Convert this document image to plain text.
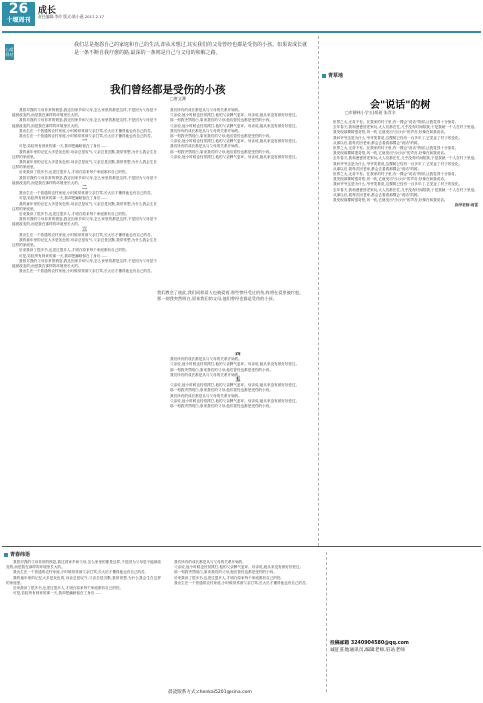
26
十堰周刊
成长
责任编辑:李玲 版式:陈小燕 2017.2.17
心晴驿站
我们总是抱怨自己的家庭和自己的生活,却从未想过,其实我们的父母曾经也都是受伤的小孩。如果说成长就是一条不断自我疗愈的路,最深的一条则是自己与父母的和解之路。
我们曾经都是受伤的小孩
□唐文渊

我曾对我的父母非常的愤怒,我还因家乡和父母,怎么家里的都是这样,不是因为父母是不能被改变的,而是我在那样的环境里长大的。

我曾对我的父母非常的愤怒,我还因家乡和父母,怎么家里的都是这样,不是因为父母是不能被改变的,而是我在那样的环境里长大的。

我出生在一个普通的农村家庭,小时候常常被父亲打骂,长大后才懂得他也有自己的苦。

我出生在一个普通的农村家庭,小时候常常被父亲打骂,长大后才懂得他也有自己的苦。

一

可是,彩虹终有到来的那一天,我却把幽暗留在了身后……

我的童年里的记忆大多是灰色的,母亲总是叹气,父亲总是沉默,我常常想,为什么我会生在这样的家庭里。

我的童年里的记忆大多是灰色的,母亲总是叹气,父亲总是沉默,我常常想,为什么我会生在这样的家庭里。

后来我读了很多书,也见过很多人,才明白原来每个家庭都有自己的伤。

我曾对我的父母非常的愤怒,我还因家乡和父母,怎么家里的都是这样,不是因为父母是不能被改变的,而是我在那样的环境里长大的。

二

我出生在一个普通的农村家庭,小时候常常被父亲打骂,长大后才懂得他也有自己的苦。

可是,彩虹终有到来的那一天,我却把幽暗留在了身后……

我的童年里的记忆大多是灰色的,母亲总是叹气,父亲总是沉默,我常常想,为什么我会生在这样的家庭里。

后来我读了很多书,也见过很多人,才明白原来每个家庭都有自己的伤。

我曾对我的父母非常的愤怒,我还因家乡和父母,怎么家里的都是这样,不是因为父母是不能被改变的,而是我在那样的环境里长大的。

三

我出生在一个普通的农村家庭,小时候常常被父亲打骂,长大后才懂得他也有自己的苦。

我的童年里的记忆大多是灰色的,母亲总是叹气,父亲总是沉默,我常常想,为什么我会生在这样的家庭里。

后来我读了很多书,也见过很多人,才明白原来每个家庭都有自己的伤。

可是,彩虹终有到来的那一天,我却把幽暗留在了身后……

我曾对我的父母非常的愤怒,我还因家乡和父母,怎么家里的都是这样,不是因为父母是不能被改变的,而是我在那样的环境里长大的。

我出生在一个普通的农村家庭,小时候常常被父亲打骂,长大后才懂得他也有自己的苦。

我们所有的成长都是从与父母的关系开始的。

父亲说,他小时候也经常挨打,他的父亲脾气更坏。母亲说,她从来没有被好好爱过。

那一刻我突然明白,原来我们的父母,他们曾经也都是受伤的小孩。

父亲说,他小时候也经常挨打,他的父亲脾气更坏。母亲说,她从来没有被好好爱过。

我们所有的成长都是从与父母的关系开始的。

那一刻我突然明白,原来我们的父母,他们曾经也都是受伤的小孩。

父亲说,他小时候也经常挨打,他的父亲脾气更坏。母亲说,她从来没有被好好爱过。

我们所有的成长都是从与父母的关系开始的。

那一刻我突然明白,原来我们的父母,他们曾经也都是受伤的小孩。

父亲说,他小时候也经常挨打,他的父亲脾气更坏。母亲说,她从来没有被好好爱过。

我们教会了彼此,我们同样爱人也被爱着,那些曾经受过的伤,终将在爱里被疗愈。

那一刻我突然明白,原来我们的父母,他们曾经也都是受伤的小孩。

四

我们所有的成长都是从与父母的关系开始的。

父亲说,他小时候也经常挨打,他的父亲脾气更坏。母亲说,她从来没有被好好爱过。

那一刻我突然明白,原来我们的父母,他们曾经也都是受伤的小孩。

我们所有的成长都是从与父母的关系开始的。

五

父亲说,他小时候也经常挨打,他的父亲脾气更坏。母亲说,她从来没有被好好爱过。

那一刻我突然明白,原来我们的父母,他们曾经也都是受伤的小孩。

我们所有的成长都是从与父母的关系开始的。

父亲说,他小时候也经常挨打,他的父亲脾气更坏。母亲说,她从来没有被好好爱过。

那一刻我突然明白,原来我们的父母,他们曾经也都是受伤的小孩。

青草地
会"说话"的树
□市柳林小学五(4)班 朱青辛

世界之大,无奇不有。在我家的村子里,有一棵会"说话"的树,让我觉得十分惊奇。

去年春天,我和爸爸回老家玩,大人们都在忙,几乎没有时间陪我,于是我就一个人在村子里逛。

我发现那棵树很奇怪,风一吹,它就发出"沙沙沙"的声音,好像在和我说话。

我问爷爷这是为什么,爷爷笑着说,这棵树已经有一百多年了,它见证了村子的变化。

从那以后,我每次回老家,都会去看看那棵会"说话"的树。

世界之大,无奇不有。在我家的村子里,有一棵会"说话"的树,让我觉得十分惊奇。

我发现那棵树很奇怪,风一吹,它就发出"沙沙沙"的声音,好像在和我说话。

去年春天,我和爸爸回老家玩,大人们都在忙,几乎没有时间陪我,于是我就一个人在村子里逛。

我问爷爷这是为什么,爷爷笑着说,这棵树已经有一百多年了,它见证了村子的变化。

从那以后,我每次回老家,都会去看看那棵会"说话"的树。

世界之大,无奇不有。在我家的村子里,有一棵会"说话"的树,让我觉得十分惊奇。

我发现那棵树很奇怪,风一吹,它就发出"沙沙沙"的声音,好像在和我说话。

我问爷爷这是为什么,爷爷笑着说,这棵树已经有一百多年了,它见证了村子的变化。

去年春天,我和爸爸回老家玩,大人们都在忙,几乎没有时间陪我,于是我就一个人在村子里逛。

从那以后,我每次回老家,都会去看看那棵会"说话"的树。

我发现那棵树很奇怪,风一吹,它就发出"沙沙沙"的声音,好像在和我说话。

指导老师:周雷
青春纬语

我曾对我的父母非常的愤怒,我还因家乡和父母,怎么家里的都是这样,不是因为父母是不能被改变的,而是我在那样的环境里长大的。

我出生在一个普通的农村家庭,小时候常常被父亲打骂,长大后才懂得他也有自己的苦。

我的童年里的记忆大多是灰色的,母亲总是叹气,父亲总是沉默,我常常想,为什么我会生在这样的家庭里。

后来我读了很多书,也见过很多人,才明白原来每个家庭都有自己的伤。

可是,彩虹终有到来的那一天,我却把幽暗留在了身后……

我们所有的成长都是从与父母的关系开始的。

父亲说,他小时候也经常挨打,他的父亲脾气更坏。母亲说,她从来没有被好好爱过。

那一刻我突然明白,原来我们的父母,他们曾经也都是受伤的小孩。

后来我读了很多书,也见过很多人,才明白原来每个家庭都有自己的伤。

我出生在一个普通的农村家庭,小时候常常被父亲打骂,长大后才懂得他也有自己的苦。

投稿邮箱 3240904580@qq.com
诚征驻地通讯员,编辑老师,驻站老师
晨読版系方式:chenkai5201@sina.com
